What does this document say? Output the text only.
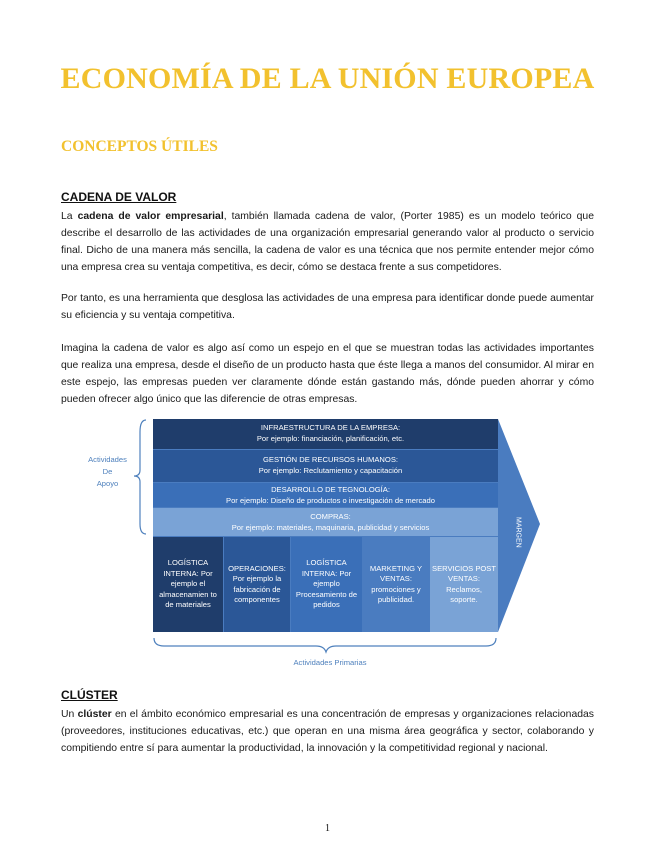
ECONOMÍA DE LA UNIÓN EUROPEA
CONCEPTOS ÚTILES
CADENA DE VALOR
La cadena de valor empresarial, también llamada cadena de valor, (Porter 1985) es un modelo teórico que describe el desarrollo de las actividades de una organización empresarial generando valor al producto o servicio final. Dicho de una manera más sencilla, la cadena de valor es una técnica que nos permite entender mejor cómo una empresa crea su ventaja competitiva, es decir, cómo se destaca frente a sus competidores.
Por tanto, es una herramienta que desglosa las actividades de una empresa para identificar donde puede aumentar su eficiencia y su ventaja competitiva.
Imagina la cadena de valor es algo así como un espejo en el que se muestran todas las actividades importantes que realiza una empresa, desde el diseño de un producto hasta que éste llega a manos del consumidor. Al mirar en este espejo, las empresas pueden ver claramente dónde están gastando más, dónde pueden ahorrar y cómo pueden ofrecer algo único que las diferencie de otras empresas.
Actividades
De
Apoyo
INFRAESTRUCTURA DE LA EMPRESA:
Por ejemplo: financiación, planificación, etc.
GESTIÓN DE RECURSOS HUMANOS:
Por ejemplo: Reclutamiento y capacitación
DESARROLLO DE TEGNOLOGÍA:
Por ejemplo: Diseño de productos o investigación de mercado
COMPRAS:
Por ejemplo: materiales, maquinaria, publicidad y servicios
LOGÍSTICA INTERNA: Por ejemplo el almacenamien to de materiales
OPERACIONES: Por ejemplo la fabricación de componentes
LOGÍSTICA INTERNA: Por ejemplo Procesamiento de pedidos
MARKETING Y VENTAS: promociones y publicidad.
SERVICIOS POST VENTAS: Reclamos, soporte.
MARGEN
Actividades Primarias
CLÚSTER
Un clúster en el ámbito económico empresarial es una concentración de empresas y organizaciones relacionadas (proveedores, instituciones educativas, etc.) que operan en una misma área geográfica y sector, colaborando y compitiendo entre sí para aumentar la productividad, la innovación y la competitividad regional y nacional.
1
